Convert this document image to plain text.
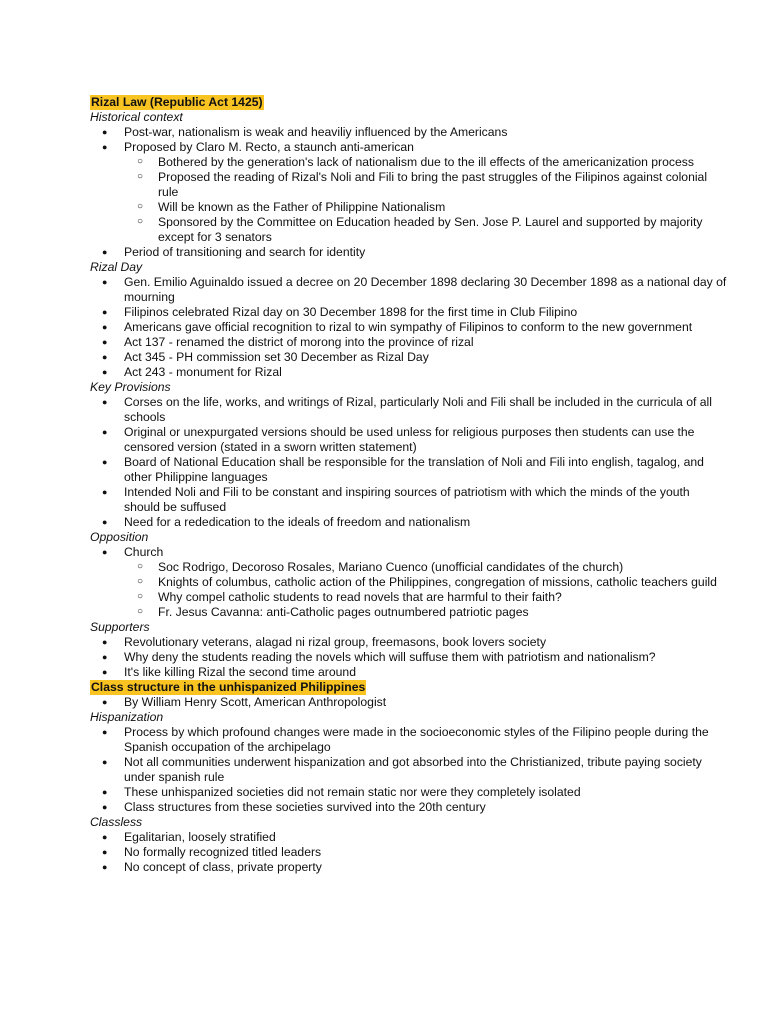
Rizal Law (Republic Act 1425)
Historical context
● Post-war, nationalism is weak and heaviliy influenced by the Americans
● Proposed by Claro M. Recto, a staunch anti-american
○ Bothered by the generation's lack of nationalism due to the ill effects of the americanization process
○ Proposed the reading of Rizal's Noli and Fili to bring the past struggles of the Filipinos against colonial rule
○ Will be known as the Father of Philippine Nationalism
○ Sponsored by the Committee on Education headed by Sen. Jose P. Laurel and supported by majority except for 3 senators
● Period of transitioning and search for identity
Rizal Day
● Gen. Emilio Aguinaldo issued a decree on 20 December 1898 declaring 30 December 1898 as a national day of mourning
● Filipinos celebrated Rizal day on 30 December 1898 for the first time in Club Filipino
● Americans gave official recognition to rizal to win sympathy of Filipinos to conform to the new government
● Act 137 - renamed the district of morong into the province of rizal
● Act 345 - PH commission set 30 December as Rizal Day
● Act 243 - monument for Rizal
Key Provisions
● Corses on the life, works, and writings of Rizal, particularly Noli and Fili shall be included in the curricula of all schools
● Original or unexpurgated versions should be used unless for religious purposes then students can use the censored version (stated in a sworn written statement)
● Board of National Education shall be responsible for the translation of Noli and Fili into english, tagalog, and other Philippine languages
● Intended Noli and Fili to be constant and inspiring sources of patriotism with which the minds of the youth should be suffused
● Need for a rededication to the ideals of freedom and nationalism
Opposition
● Church
○ Soc Rodrigo, Decoroso Rosales, Mariano Cuenco (unofficial candidates of the church)
○ Knights of columbus, catholic action of the Philippines, congregation of missions, catholic teachers guild
○ Why compel catholic students to read novels that are harmful to their faith?
○ Fr. Jesus Cavanna: anti-Catholic pages outnumbered patriotic pages
Supporters
● Revolutionary veterans, alagad ni rizal group, freemasons, book lovers society
● Why deny the students reading the novels which will suffuse them with patriotism and nationalism?
● It's like killing Rizal the second time around
Class structure in the unhispanized Philippines
● By William Henry Scott, American Anthropologist
Hispanization
● Process by which profound changes were made in the socioeconomic styles of the Filipino people during the Spanish occupation of the archipelago
● Not all communities underwent hispanization and got absorbed into the Christianized, tribute paying society under spanish rule
● These unhispanized societies did not remain static nor were they completely isolated
● Class structures from these societies survived into the 20th century
Classless
● Egalitarian, loosely stratified
● No formally recognized titled leaders
● No concept of class, private property
